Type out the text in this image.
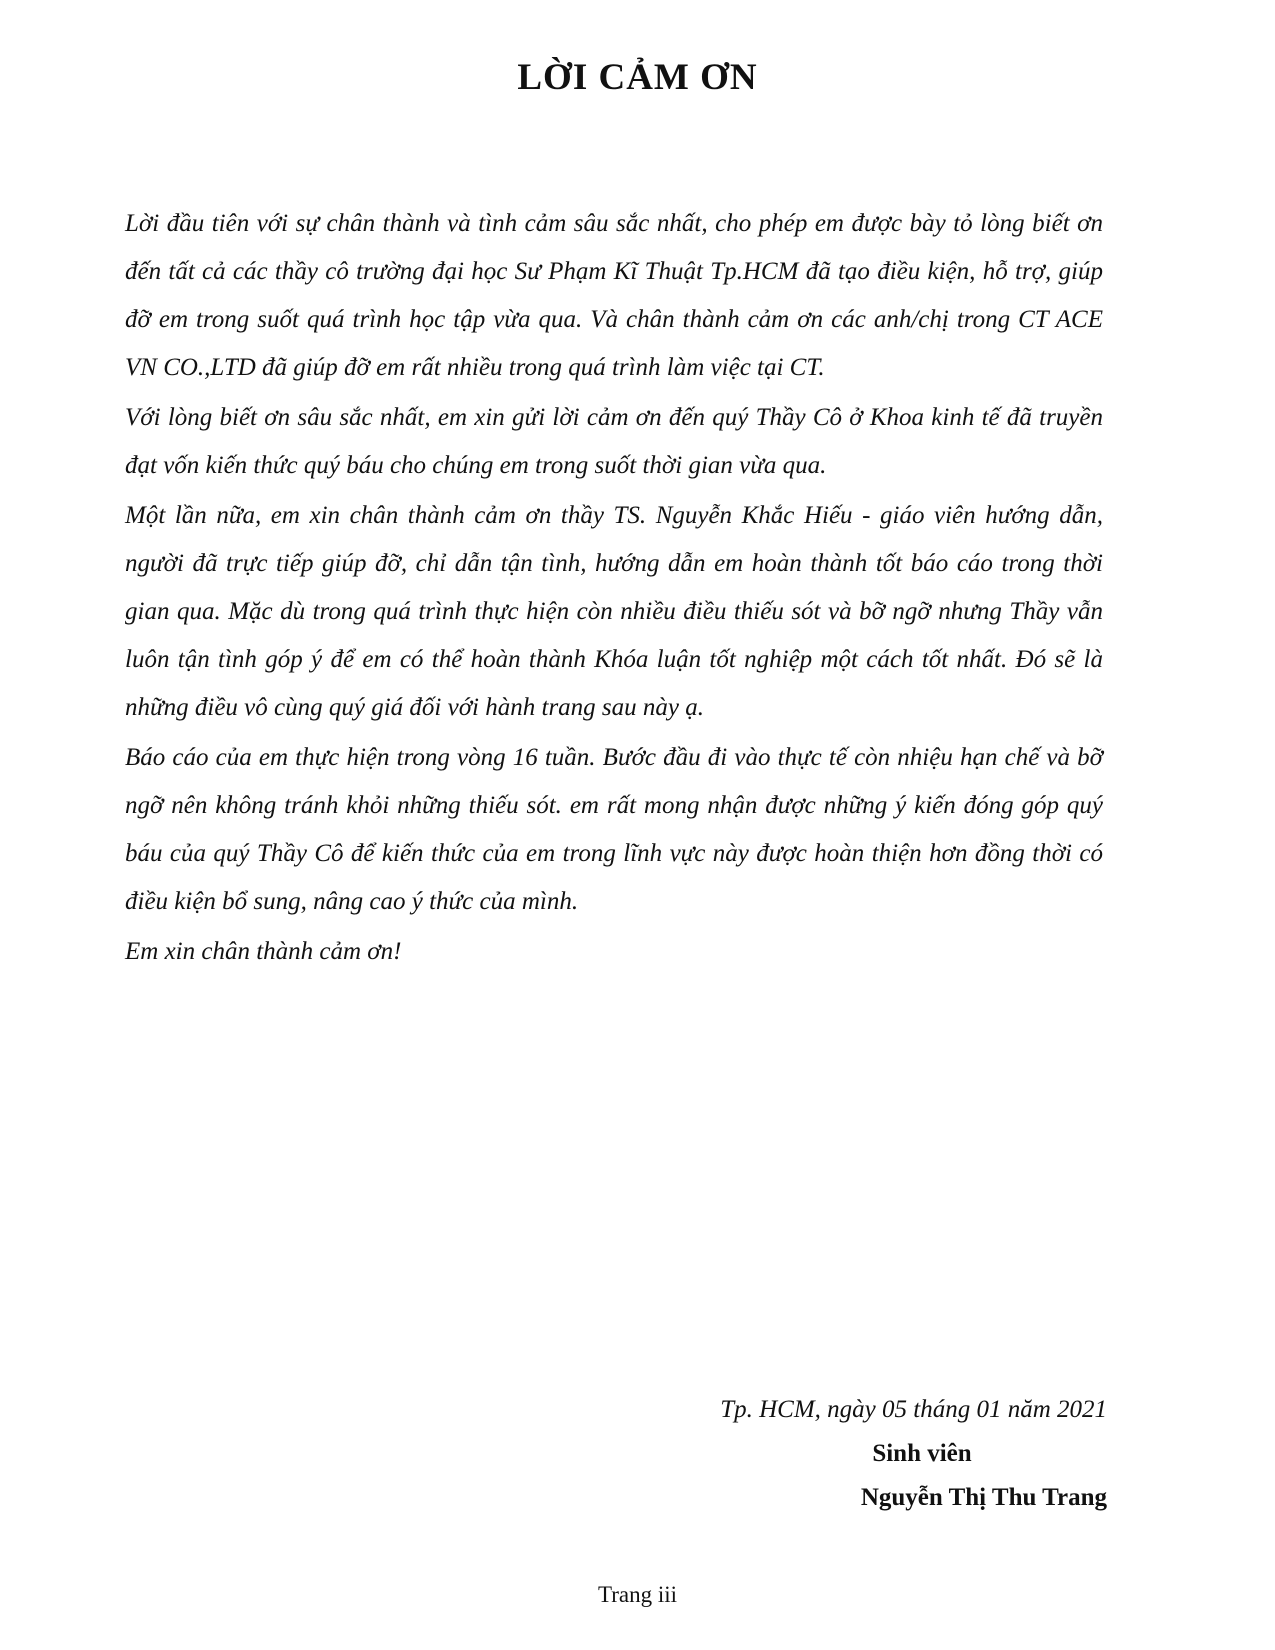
LỜI CẢM ƠN

Lời đầu tiên với sự chân thành và tình cảm sâu sắc nhất, cho phép em được bày tỏ lòng biết ơn đến tất cả các thầy cô trường đại học Sư Phạm Kĩ Thuật Tp.HCM đã tạo điều kiện, hỗ trợ, giúp đỡ em trong suốt quá trình học tập vừa qua. Và chân thành cảm ơn các anh/chị trong CT ACE VN CO.,LTD đã giúp đỡ em rất nhiều trong quá trình làm việc tại CT.

Với lòng biết ơn sâu sắc nhất, em xin gửi lời cảm ơn đến quý Thầy Cô ở Khoa kinh tế đã truyền đạt vốn kiến thức quý báu cho chúng em trong suốt thời gian vừa qua.

Một lần nữa, em xin chân thành cảm ơn thầy TS. Nguyễn Khắc Hiếu - giáo viên hướng dẫn, người đã trực tiếp giúp đỡ, chỉ dẫn tận tình, hướng dẫn em hoàn thành tốt báo cáo trong thời gian qua. Mặc dù trong quá trình thực hiện còn nhiều điều thiếu sót và bỡ ngỡ nhưng Thầy vẫn luôn tận tình góp ý để em có thể hoàn thành Khóa luận tốt nghiệp một cách tốt nhất. Đó sẽ là những điều vô cùng quý giá đối với hành trang sau này ạ.

Báo cáo của em thực hiện trong vòng 16 tuần. Bước đầu đi vào thực tế còn nhiệu hạn chế và bỡ ngỡ nên không tránh khỏi những thiếu sót. em rất mong nhận được những ý kiến đóng góp quý báu của quý Thầy Cô để kiến thức của em trong lĩnh vực này được hoàn thiện hơn đồng thời có điều kiện bổ sung, nâng cao ý thức của mình.

Em xin chân thành cảm ơn!

Tp. HCM, ngày 05 tháng 01 năm 2021
Sinh viên
Nguyễn Thị Thu Trang
Trang iii
